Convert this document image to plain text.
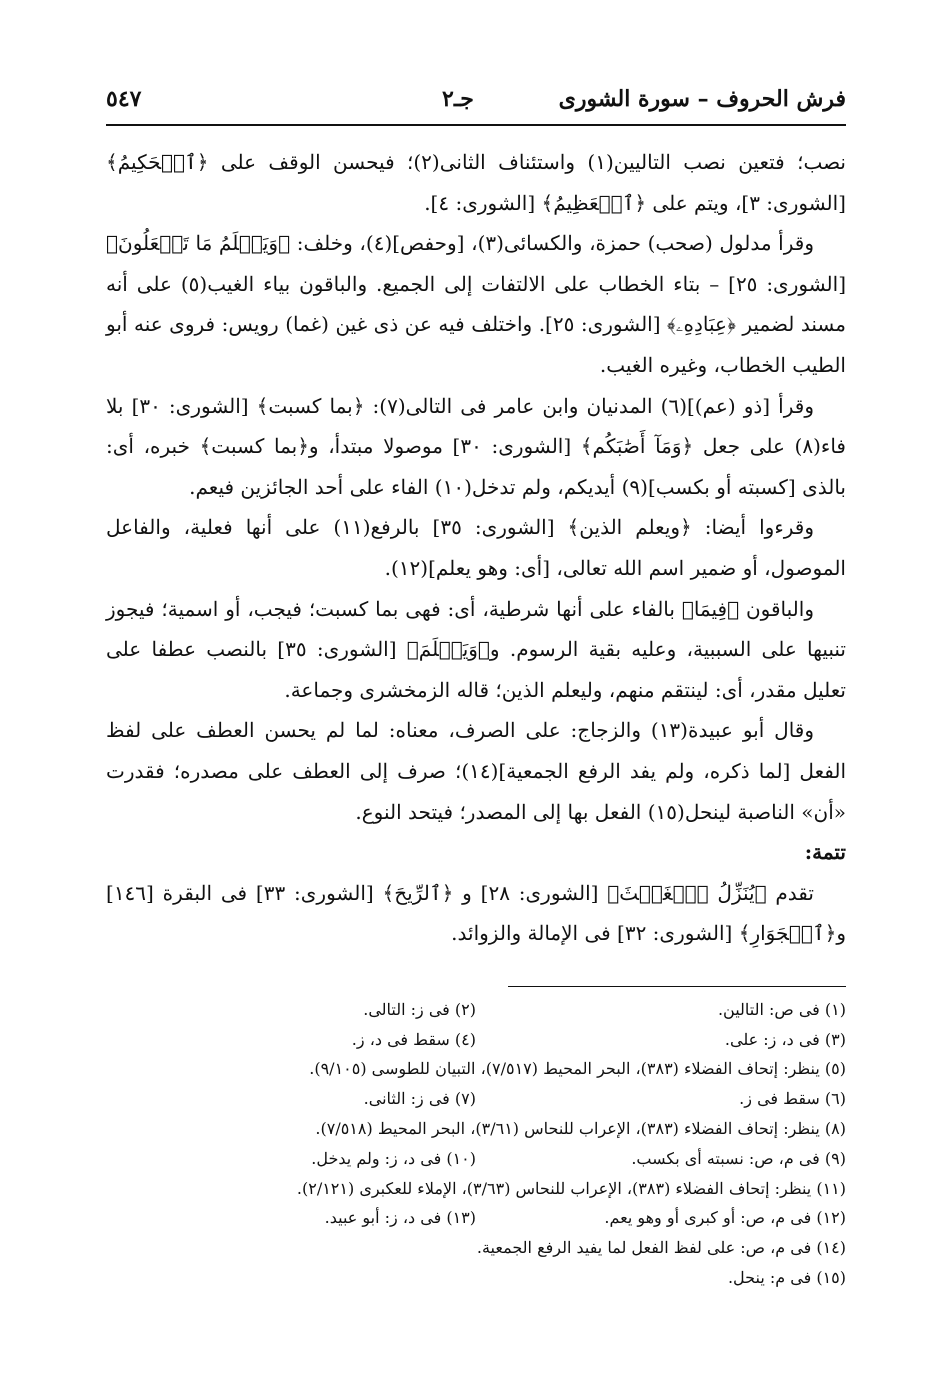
فرش الحروف – سورة الشورى
جـ٢
٥٤٧

نصب؛ فتعين نصب التاليين(١) واستئناف الثانى(٢)؛ فيحسن الوقف على ﴿ٱلۡحَكِيمُ﴾ [الشورى: ٣]، ويتم على ﴿ٱلۡعَظِيمُ﴾ [الشورى: ٤].

وقرأ مدلول (صحب) حمزة، والكسائى(٣)، [وحفص](٤)، وخلف: ﴿وَيَعۡلَمُ مَا تَفۡعَلُونَ﴾ [الشورى: ٢٥] – بتاء الخطاب على الالتفات إلى الجميع. والباقون بياء الغيب(٥) على أنه مسند لضمير ﴿عِبَادِهِۦ﴾ [الشورى: ٢٥]. واختلف فيه عن ذى غين (غما) رويس: فروى عنه أبو الطيب الخطاب، وغيره الغيب.

وقرأ [ذو (عم)](٦) المدنيان وابن عامر فى التالى(٧): ﴿بما كسبت﴾ [الشورى: ٣٠] بلا فاء(٨) على جعل ﴿وَمَآ أَصَٰبَكُم﴾ [الشورى: ٣٠] موصولا مبتدأ، و﴿بما كسبت﴾ خبره، أى: بالذى [كسبته أو بكسب](٩) أيديكم، ولم تدخل(١٠) الفاء على أحد الجائزين فيعم.

وقرءوا أيضا: ﴿ويعلم الذين﴾ [الشورى: ٣٥] بالرفع(١١) على أنها فعلية، والفاعل الموصول، أو ضمير اسم الله تعالى، [أى: وهو يعلم](١٢).

والباقون ﴿فِيمَا﴾ بالفاء على أنها شرطية، أى: فهى بما كسبت؛ فيجب، أو اسمية؛ فيجوز تنبيها على السببية، وعليه بقية الرسوم. و﴿وَيَعۡلَمَ﴾ [الشورى: ٣٥] بالنصب عطفا على تعليل مقدر، أى: لينتقم منهم، وليعلم الذين؛ قاله الزمخشرى وجماعة.

وقال أبو عبيدة(١٣) والزجاج: على الصرف، معناه: لما لم يحسن العطف على لفظ الفعل [لما ذكره، ولم يفد الرفع الجمعية](١٤)؛ صرف إلى العطف على مصدره؛ فقدرت «أن» الناصبة لينحل(١٥) الفعل بها إلى المصدر؛ فيتحد النوع.

تتمة:

تقدم ﴿يُنَزِّلُ ٱلۡغَيۡثَ﴾ [الشورى: ٢٨] و ﴿ٱلرِّيحَ﴾ [الشورى: ٣٣] فى البقرة [١٤٦] و﴿ٱلۡجَوَارِ﴾ [الشورى: ٣٢] فى الإمالة والزوائد.

(١) فى ص: التالين.
(٢) فى ز: التالى.
(٣) فى د، ز: على.
(٤) سقط فى د، ز.
(٥) ينظر: إتحاف الفضلاء (٣٨٣)، البحر المحيط (٧/٥١٧)، التبيان للطوسى (٩/١٠٥).
(٦) سقط فى ز.
(٧) فى ز: الثانى.
(٨) ينظر: إتحاف الفضلاء (٣٨٣)، الإعراب للنحاس (٣/٦١)، البحر المحيط (٧/٥١٨).
(٩) فى م، ص: نسبته أى بكسب.
(١٠) فى د، ز: ولم يدخل.
(١١) ينظر: إتحاف الفضلاء (٣٨٣)، الإعراب للنحاس (٣/٦٣)، الإملاء للعكبرى (٢/١٢١).
(١٢) فى م، ص: أو كبرى أو وهو يعم.
(١٣) فى د، ز: أبو عبيد.
(١٤) فى م، ص: على لفظ الفعل لما يفيد الرفع الجمعية.
(١٥) فى م: ينحل.
